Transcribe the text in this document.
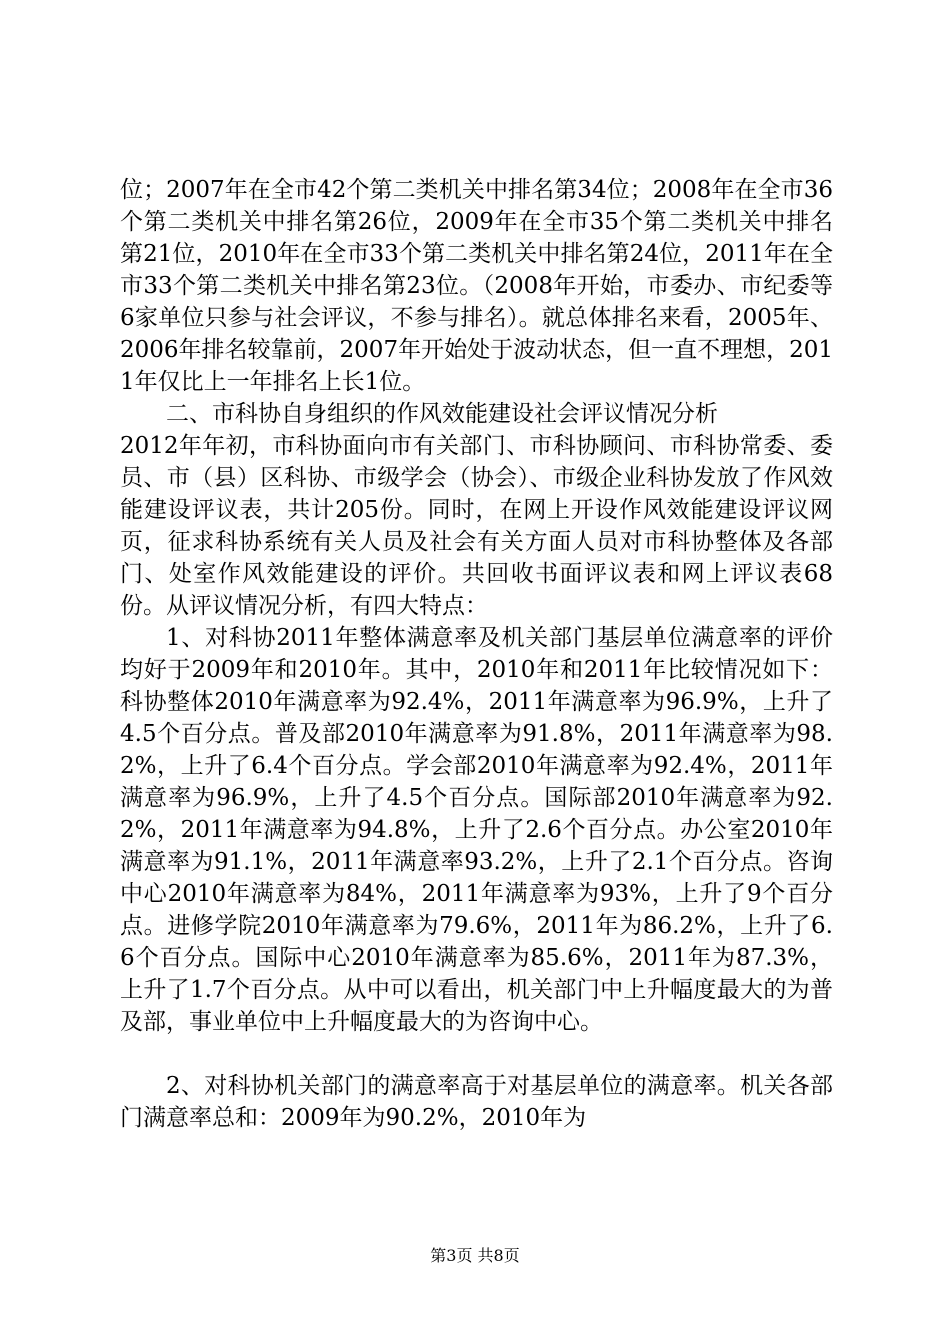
位；2007年在全市42个第二类机关中排名第34位；2008年在全市36个第二类机关中排名第26位，2009年在全市35个第二类机关中排名第21位，2010年在全市33个第二类机关中排名第24位，2011年在全市33个第二类机关中排名第23位。（2008年开始，市委办、市纪委等6家单位只参与社会评议，不参与排名）。就总体排名来看，2005年、2006年排名较靠前，2007年开始处于波动状态，但一直不理想，2011年仅比上一年排名上长1位。

二、市科协自身组织的作风效能建设社会评议情况分析

2012年年初，市科协面向市有关部门、市科协顾问、市科协常委、委员、市（县）区科协、市级学会（协会）、市级企业科协发放了作风效能建设评议表，共计205份。同时，在网上开设作风效能建设评议网页，征求科协系统有关人员及社会有关方面人员对市科协整体及各部门、处室作风效能建设的评价。共回收书面评议表和网上评议表68份。从评议情况分析，有四大特点：

1、对科协2011年整体满意率及机关部门基层单位满意率的评价均好于2009年和2010年。其中，2010年和2011年比较情况如下：科协整体2010年满意率为92.4%，2011年满意率为96.9%，上升了4.5个百分点。普及部2010年满意率为91.8%，2011年满意率为98.2%，上升了6.4个百分点。学会部2010年满意率为92.4%，2011年满意率为96.9%，上升了4.5个百分点。国际部2010年满意率为92.2%，2011年满意率为94.8%，上升了2.6个百分点。办公室2010年满意率为91.1%，2011年满意率93.2%，上升了2.1个百分点。咨询中心2010年满意率为84%，2011年满意率为93%，上升了9个百分点。进修学院2010年满意率为79.6%，2011年为86.2%，上升了6.6个百分点。国际中心2010年满意率为85.6%，2011年为87.3%，上升了1.7个百分点。从中可以看出，机关部门中上升幅度最大的为普及部，事业单位中上升幅度最大的为咨询中心。

2、对科协机关部门的满意率高于对基层单位的满意率。机关各部门满意率总和：2009年为90.2%，2010年为

第3页 共8页
